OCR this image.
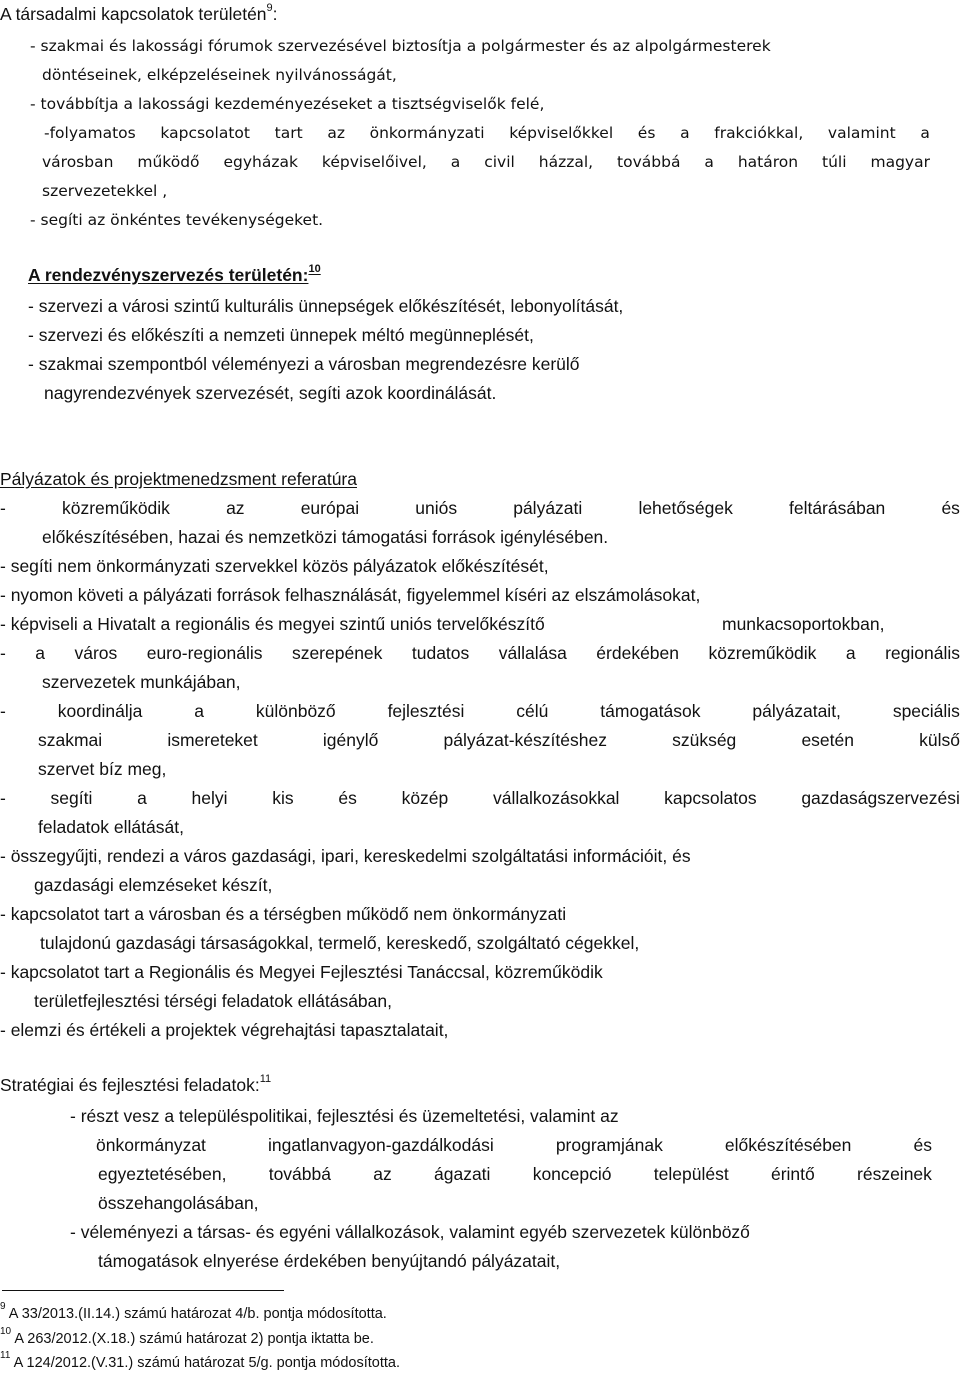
A társadalmi kapcsolatok területén$^9$:
- szakmai és lakossági fórumok szervezésével biztosítja a polgármester és az alpolgármesterek
döntéseinek, elképzeléseinek nyilvánosságát,
- továbbítja a lakossági kezdeményezéseket a tisztségviselők felé,
-folyamatos kapcsolatot tart az önkormányzati képviselőkkel és a frakciókkal, valamint a
városban működő egyházak képviselőivel, a civil házzal, továbbá a határon túli magyar
szervezetekkel ,
- segíti az önkéntes tevékenységeket.
A rendezvényszervezés területén:$^{10}$
- szervezi a városi szintű kulturális ünnepségek előkészítését, lebonyolítását,
- szervezi és előkészíti a nemzeti ünnepek méltó megünneplését,
- szakmai szempontból véleményezi a városban megrendezésre kerülő
nagyrendezvények szervezését, segíti azok koordinálását.
Pályázatok és projektmenedzsment referatúra
-	közreműködik	az	európai	uniós	pályázati	lehetőségek	feltárásában	és
előkészítésében, hazai és nemzetközi támogatási források igénylésében.
- segíti nem önkormányzati szervekkel közös pályázatok előkészítését,
- nyomon követi a pályázati források felhasználását, figyelemmel kíséri az elszámolásokat,
- képviseli a Hivatalt a regionális és megyei szintű uniós tervelőkészítő	munkacsoportokban,
- a város euro-regionális szerepének tudatos vállalása érdekében közreműködik a regionális
szervezetek munkájában,
-	koordinálja	a	különböző	fejlesztési	célú	támogatások	pályázatait,	speciális
szakmai	ismereteket	igénylő	pályázat-készítéshez	szükség	esetén	külső
szervet bíz meg,
-	segíti	a	helyi	kis	és	közép	vállalkozásokkal	kapcsolatos	gazdaságszervezési
feladatok ellátását,
- összegyűjti, rendezi a város gazdasági, ipari, kereskedelmi szolgáltatási információit, és
gazdasági elemzéseket készít,
- kapcsolatot tart a városban és a térségben működő nem önkormányzati
tulajdonú gazdasági társaságokkal, termelő, kereskedő, szolgáltató cégekkel,
- kapcsolatot tart a Regionális és Megyei Fejlesztési Tanáccsal, közreműködik
területfejlesztési térségi feladatok ellátásában,
- elemzi és értékeli a projektek végrehajtási tapasztalatait,
Stratégiai és fejlesztési feladatok:$^{11}$
- részt vesz a településpolitikai, fejlesztési és üzemeltetési, valamint az
önkormányzat	ingatlanvagyon-gazdálkodási	programjának	előkészítésében	és
egyeztetésében, továbbá az ágazati koncepció települést érintő részeinek
összehangolásában,
- véleményezi a társas- és egyéni vállalkozások, valamint egyéb szervezetek különböző
támogatások elnyerése érdekében benyújtandó pályázatait,
$^9$ A 33/2013.(II.14.) számú határozat 4/b. pontja módosította.
$^{10}$ A 263/2012.(X.18.) számú határozat 2) pontja iktatta be.
$^{11}$ A 124/2012.(V.31.) számú határozat 5/g. pontja módosította.
